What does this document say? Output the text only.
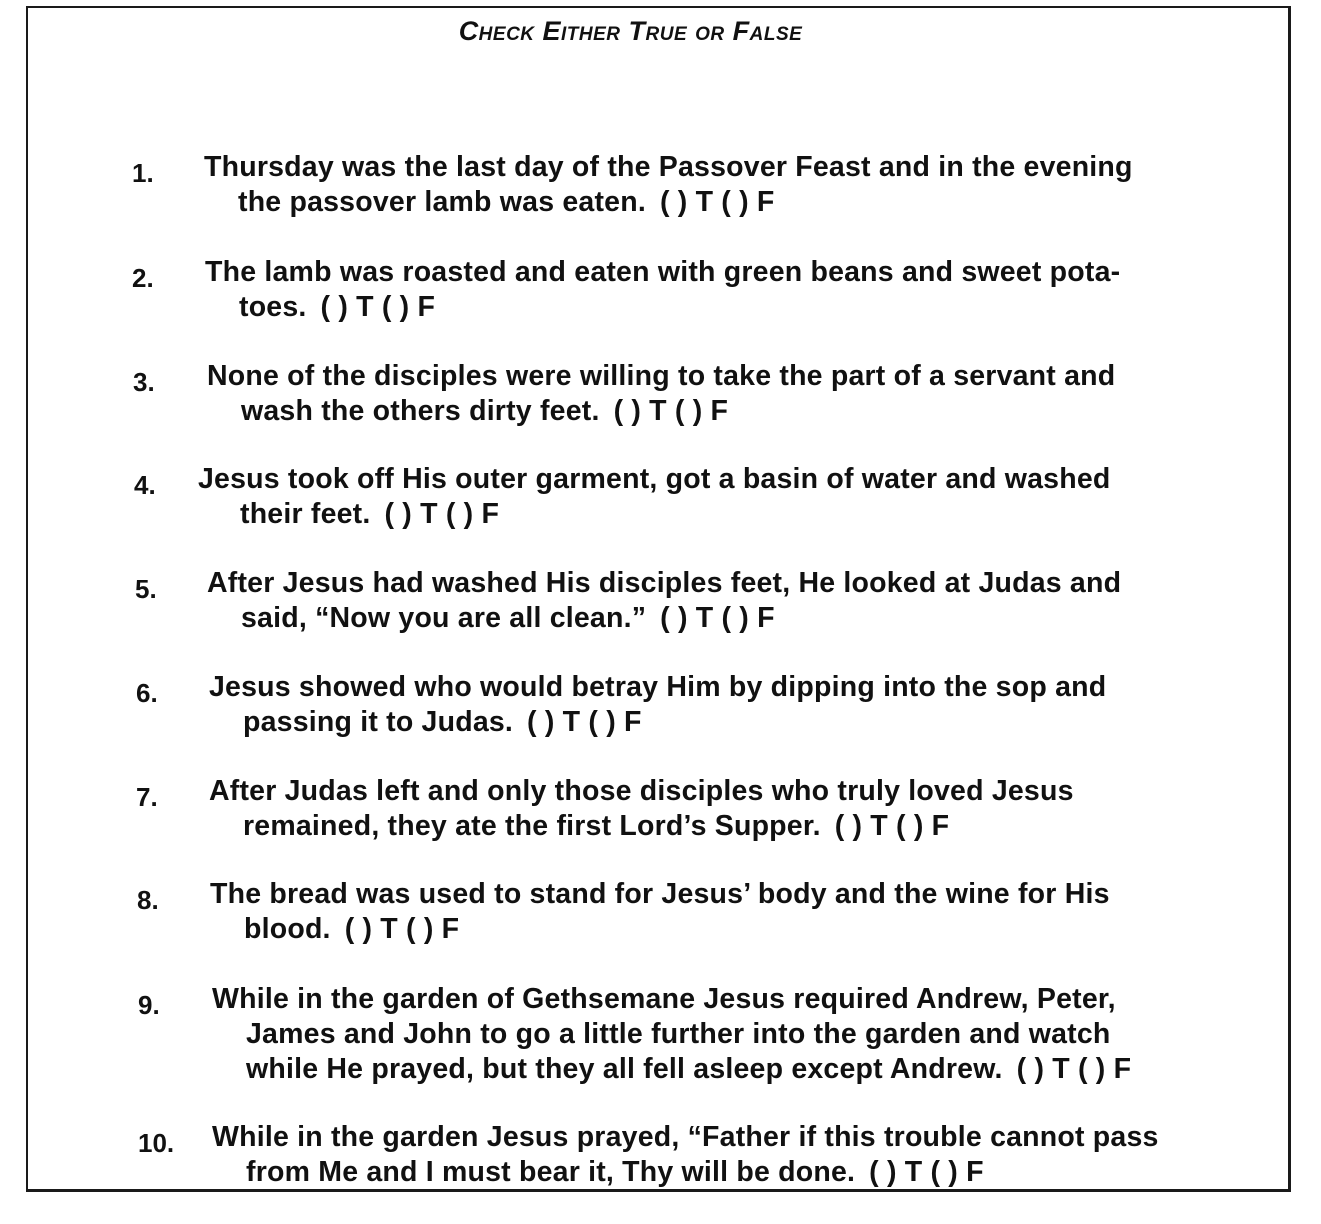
Check Either True or False
1. Thursday was the last day of the Passover Feast and in the evening
the passover lamb was eaten. ( ) T ( ) F
2. The lamb was roasted and eaten with green beans and sweet pota-
toes. ( ) T ( ) F
3. None of the disciples were willing to take the part of a servant and
wash the others dirty feet. ( ) T ( ) F
4. Jesus took off His outer garment, got a basin of water and washed
their feet. ( ) T ( ) F
5. After Jesus had washed His disciples feet, He looked at Judas and
said, “Now you are all clean.” ( ) T ( ) F
6. Jesus showed who would betray Him by dipping into the sop and
passing it to Judas. ( ) T ( ) F
7. After Judas left and only those disciples who truly loved Jesus
remained, they ate the first Lord’s Supper. ( ) T ( ) F
8. The bread was used to stand for Jesus’ body and the wine for His
blood. ( ) T ( ) F
9. While in the garden of Gethsemane Jesus required Andrew, Peter,
James and John to go a little further into the garden and watch
while He prayed, but they all fell asleep except Andrew. ( ) T ( ) F
10. While in the garden Jesus prayed, “Father if this trouble cannot pass
from Me and I must bear it, Thy will be done. ( ) T ( ) F
